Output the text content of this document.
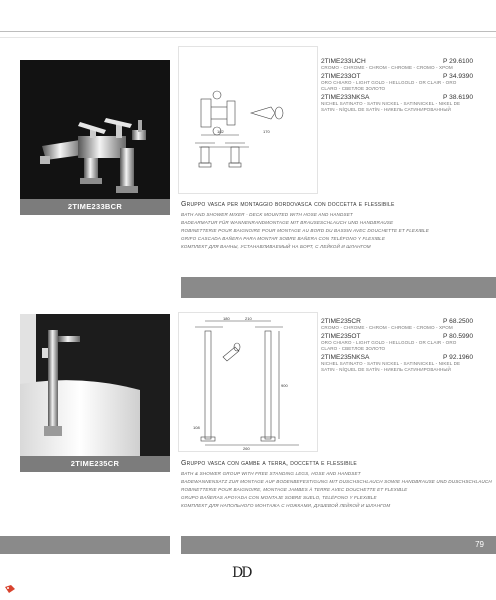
2TIME233BCR
182	170
2TIME233UCH	P 29.6100
CROMO - CHROME - CHROM - CHROME - CROMO - ХРОМ
2TIME233OT	P 34.9390
ORO CHIARO - LIGHT GOLD - HELLGOLD - OR CLAIR - ORO CLARO - СВЕТЛОЕ ЗОЛОТО
2TIME233NKSA	P 38.6190
NICHEL SATINATO - SATIN NICKEL - SATINNICKEL - NIKEL DE SATIN - NÍQUEL DE SATÍN - НИКЕЛЬ САТИНИРОВАННЫЙ
Gruppo vasca per montaggio bordovasca con doccetta e flessibile
BATH AND SHOWER MIXER - DECK MOUNTED WITH HOSE AND HANDSET
BADEARMATUR FÜR WANNENRANDMONTAGE MIT BRAUSESCHLAUCH UND HANDBRAUSE
ROBINETTERIE POUR BAIGNOIRE POUR MONTAGE AU BORD DU BASSIN AVEC DOUCHETTE ET FLEXIBLE
GRIFO CASCADA BAÑERA PARA MONTAR SOBRE BAÑERA CON TELÉFONO Y FLEXIBLE
КОМПЛЕКТ ДЛЯ ВАННЫ, УСТАНАВЛИВАЕМЫЙ НА БОРТ, С ЛЕЙКОЙ И ШЛАНГОМ
2TIME235CR
180	210
900
108
260
2TIME235CR	P 68.2500
CROMO - CHROME - CHROM - CHROME - CROMO - ХРОМ
2TIME235OT	P 80.5990
ORO CHIARO - LIGHT GOLD - HELLGOLD - OR CLAIR - ORO CLARO - СВЕТЛОЕ ЗОЛОТО
2TIME235NKSA	P 92.1960
NICHEL SATINATO - SATIN NICKEL - SATINNICKEL - NIKEL DE SATIN - NÍQUEL DE SATÍN - НИКЕЛЬ САТИНИРОВАННЫЙ
Gruppo vasca con gambe a terra, doccetta e flessibile
BATH & SHOWER GROUP WITH FREE STANDING LEGS, HOSE AND HANDSET
BADEWANNENSATZ ZUR MONTAGE AUF BODENBEFESTIGUNG MIT DUSCHSCHLAUCH SOWIE HANDBRAUSE UND DUSCHSCHLAUCH
ROBINETTERIE POUR BAIGNOIRE, MONTAGE JAMBES À TERRE AVEC DOUCHETTE ET FLEXIBLE
GRUPO BAÑERAS APOYADA CON MONTAJE SOBRE SUELO, TELÉFONO Y FLEXIBLE
КОМПЛЕКТ ДЛЯ НАПОЛЬНОГО МОНТАЖА С НОЖКАМИ, ДУШЕВОЙ ЛЕЙКОЙ И ШЛАНГОМ
79
DD
